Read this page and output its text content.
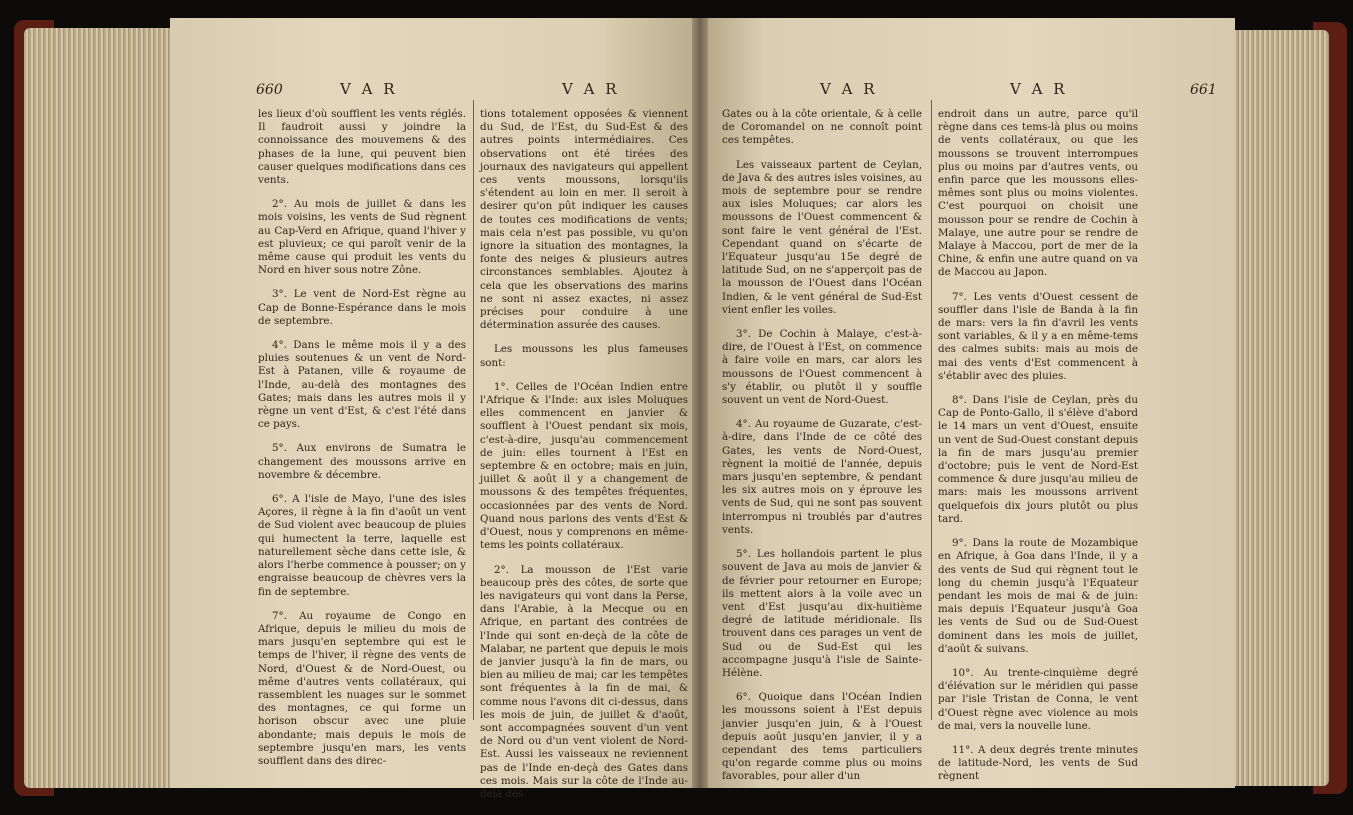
660	V A R	V A R

les lieux d'où soufflent les vents réglés. Il faudroit aussi y joindre la connoissance des mouvemens & des phases de la lune, qui peuvent bien causer quelques modifications dans ces vents.

2°. Au mois de juillet & dans les mois voisins, les vents de Sud règnent au Cap-Verd en Afrique, quand l'hiver y est pluvieux; ce qui paroît venir de la même cause qui produit les vents du Nord en hiver sous notre Zône.

3°. Le vent de Nord-Est règne au Cap de Bonne-Espérance dans le mois de septembre.

4°. Dans le même mois il y a des pluies soutenues & un vent de Nord-Est à Patanen, ville & royaume de l'Inde, au-delà des montagnes des Gates; mais dans les autres mois il y règne un vent d'Est, & c'est l'été dans ce pays.

5°. Aux environs de Sumatra le changement des moussons arrive en novembre & décembre.

6°. A l'isle de Mayo, l'une des isles Açores, il règne à la fin d'août un vent de Sud violent avec beaucoup de pluies qui humectent la terre, laquelle est naturellement sèche dans cette isle, & alors l'herbe commence à pousser; on y engraisse beaucoup de chèvres vers la fin de septembre.

7°. Au royaume de Congo en Afrique, depuis le milieu du mois de mars jusqu'en septembre qui est le temps de l'hiver, il règne des vents de Nord, d'Ouest & de Nord-Ouest, ou même d'autres vents collatéraux, qui rassemblent les nuages sur le sommet des montagnes, ce qui forme un horison obscur avec une pluie abondante; mais depuis le mois de septembre jusqu'en mars, les vents soufflent dans des direc-

tions totalement opposées & viennent du Sud, de l'Est, du Sud-Est & des autres points intermédiaires. Ces observations ont été tirées des journaux des navigateurs qui appellent ces vents moussons, lorsqu'ils s'étendent au loin en mer. Il seroit à desirer qu'on pût indiquer les causes de toutes ces modifications de vents; mais cela n'est pas possible, vu qu'on ignore la situation des montagnes, la fonte des neiges & plusieurs autres circonstances semblables. Ajoutez à cela que les observations des marins ne sont ni assez exactes, ni assez précises pour conduire à une détermination assurée des causes.

Les moussons les plus fameuses sont:

1°. Celles de l'Océan Indien entre l'Afrique & l'Inde: aux isles Moluques elles commencent en janvier & soufflent à l'Ouest pendant six mois, c'est-à-dire, jusqu'au commencement de juin: elles tournent à l'Est en septembre & en octobre; mais en juin, juillet & août il y a changement de moussons & des tempêtes fréquentes, occasionnées par des vents de Nord. Quand nous parlons des vents d'Est & d'Ouest, nous y comprenons en même-tems les points collatéraux.

2°. La mousson de l'Est varie beaucoup près des côtes, de sorte que les navigateurs qui vont dans la Perse, dans l'Arabie, à la Mecque ou en Afrique, en partant des contrées de l'Inde qui sont en-deçà de la côte de Malabar, ne partent que depuis le mois de janvier jusqu'à la fin de mars, ou bien au milieu de mai; car les tempêtes sont fréquentes à la fin de mai, & comme nous l'avons dit ci-dessus, dans les mois de juin, de juillet & d'août, sont accompagnées souvent d'un vent de Nord ou d'un vent violent de Nord-Est. Aussi les vaisseaux ne reviennent pas de l'Inde en-deçà des Gates dans ces mois. Mais sur la côte de l'Inde au-delà des

V A R	V A R	661

Gates ou à la côte orientale, & à celle de Coromandel on ne connoît point ces tempêtes.

Les vaisseaux partent de Ceylan, de Java & des autres isles voisines, au mois de septembre pour se rendre aux isles Moluques; car alors les moussons de l'Ouest commencent & sont faire le vent général de l'Est. Cependant quand on s'écarte de l'Equateur jusqu'au 15e degré de latitude Sud, on ne s'apperçoit pas de la mousson de l'Ouest dans l'Océan Indien, & le vent général de Sud-Est vient enfler les voiles.

3°. De Cochin à Malaye, c'est-à-dire, de l'Ouest à l'Est, on commence à faire voile en mars, car alors les moussons de l'Ouest commencent à s'y établir, ou plutôt il y souffle souvent un vent de Nord-Ouest.

4°. Au royaume de Guzarate, c'est-à-dire, dans l'Inde de ce côté des Gates, les vents de Nord-Ouest, règnent la moitié de l'année, depuis mars jusqu'en septembre, & pendant les six autres mois on y éprouve les vents de Sud, qui ne sont pas souvent interrompus ni troublés par d'autres vents.

5°. Les hollandois partent le plus souvent de Java au mois de janvier & de février pour retourner en Europe; ils mettent alors à la voile avec un vent d'Est jusqu'au dix-huitième degré de latitude méridionale. Ils trouvent dans ces parages un vent de Sud ou de Sud-Est qui les accompagne jusqu'à l'isle de Sainte-Hélène.

6°. Quoique dans l'Océan Indien les moussons soient à l'Est depuis janvier jusqu'en juin, & à l'Ouest depuis août jusqu'en janvier, il y a cependant des tems particuliers qu'on regarde comme plus ou moins favorables, pour aller d'un

endroit dans un autre, parce qu'il règne dans ces tems-là plus ou moins de vents collatéraux, ou que les moussons se trouvent interrompues plus ou moins par d'autres vents, ou enfin parce que les moussons elles-mêmes sont plus ou moins violentes. C'est pourquoi on choisit une mousson pour se rendre de Cochin à Malaye, une autre pour se rendre de Malaye à Maccou, port de mer de la Chine, & enfin une autre quand on va de Maccou au Japon.

7°. Les vents d'Ouest cessent de souffler dans l'isle de Banda à la fin de mars: vers la fin d'avril les vents sont variables, & il y a en même-tems des calmes subits: mais au mois de mai des vents d'Est commencent à s'établir avec des pluies.

8°. Dans l'isle de Ceylan, près du Cap de Ponto-Gallo, il s'élève d'abord le 14 mars un vent d'Ouest, ensuite un vent de Sud-Ouest constant depuis la fin de mars jusqu'au premier d'octobre; puis le vent de Nord-Est commence & dure jusqu'au milieu de mars: mais les moussons arrivent quelquefois dix jours plutôt ou plus tard.

9°. Dans la route de Mozambique en Afrique, à Goa dans l'Inde, il y a des vents de Sud qui règnent tout le long du chemin jusqu'à l'Equateur pendant les mois de mai & de juin: mais depuis l'Equateur jusqu'à Goa les vents de Sud ou de Sud-Ouest dominent dans les mois de juillet, d'août & suivans.

10°. Au trente-cinquième degré d'élévation sur le méridien qui passe par l'isle Tristan de Conna, le vent d'Ouest règne avec violence au mois de mai, vers la nouvelle lune.

11°. A deux degrés trente minutes de latitude-Nord, les vents de Sud règnent
